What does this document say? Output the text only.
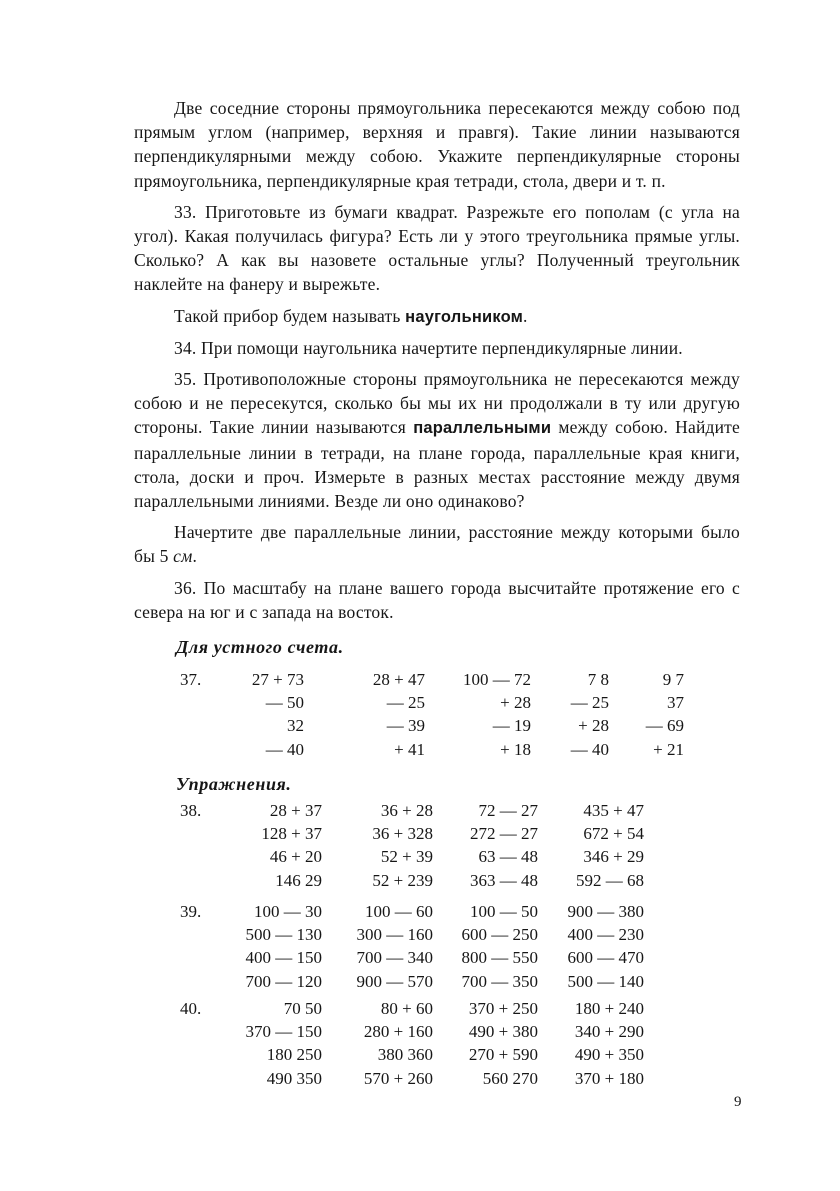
Две соседние стороны прямоугольника пересекаются между собою под прямым углом (например, верхняя и правгя). Такие линии называются перпендикулярными между собою. Укажите перпендикулярные стороны прямоугольника, перпендикулярные края тетради, стола, двери и т. п.

33. Приготовьте из бумаги квадрат. Разрежьте его пополам (с угла на угол). Какая получилась фигура? Есть ли у этого треугольника прямые углы. Сколько? А как вы назовете остальные углы? Полученный треугольник наклейте на фанеру и вырежьте.

Такой прибор будем называть наугольником.

34. При помощи наугольника начертите перпендикулярные линии.

35. Противоположные стороны прямоугольника не пересекаются между собою и не пересекутся, сколько бы мы их ни продолжали в ту или другую стороны. Такие линии называются параллельными между собою. Найдите параллельные линии в тетради, на плане города, параллельные края книги, стола, доски и проч. Измерьте в разных местах расстояние между двумя параллельными линиями. Везде ли оно одинаково?

Начертите две параллельные линии, расстояние между которыми было бы 5 см.

36. По масштабу на плане вашего города высчитайте протяжение его с севера на юг и с запада на восток.

Для устного счета.
37.	27 + 73	28 + 47	100 — 72	7 8	9 7
	— 50	— 25	+ 28	— 25	37
	32	— 39	— 19	+ 28	— 69
	— 40	+ 41	+ 18	— 40	+ 21
Упражнения.
38.	28 + 37	36 + 28	72 — 27	435 + 47
	128 + 37	36 + 328	272 — 27	672 + 54
	46 + 20	52 + 39	63 — 48	346 + 29
	146 29	52 + 239	363 — 48	592 — 68
39.	100 — 30	100 — 60	100 — 50	900 — 380
	500 — 130	300 — 160	600 — 250	400 — 230
	400 — 150	700 — 340	800 — 550	600 — 470
	700 — 120	900 — 570	700 — 350	500 — 140
40.	70 50	80 + 60	370 + 250	180 + 240
	370 — 150	280 + 160	490 + 380	340 + 290
	180 250	380 360	270 + 590	490 + 350
	490 350	570 + 260	560 270	370 + 180
9
